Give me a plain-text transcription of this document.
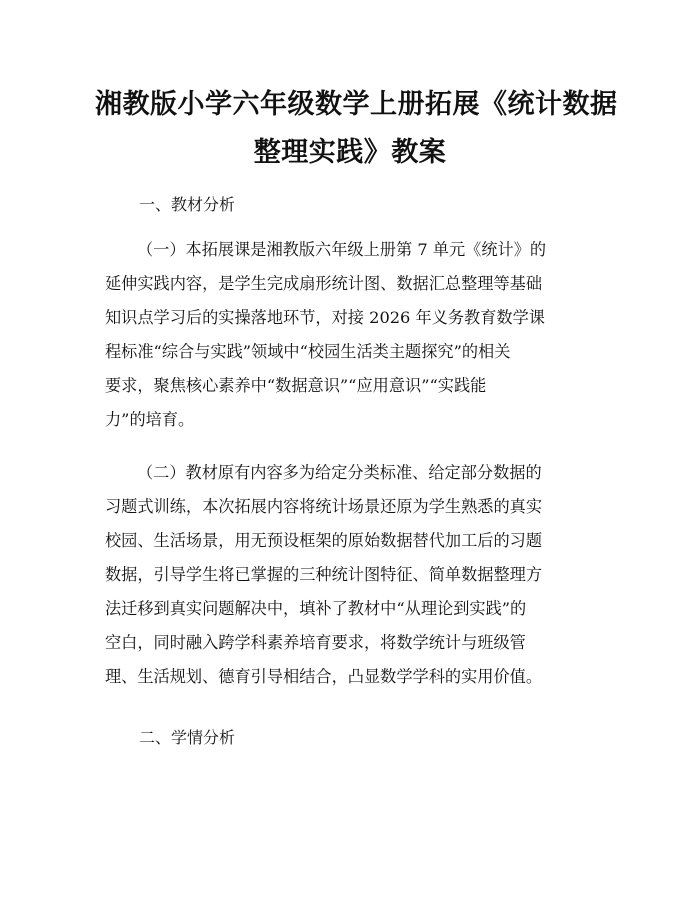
湘教版小学六年级数学上册拓展《统计数据
整理实践》教案
一、教材分析
（一）本拓展课是湘教版六年级上册第 7 单元《统计》的
延伸实践内容，是学生完成扇形统计图、数据汇总整理等基础
知识点学习后的实操落地环节，对接 2026 年义务教育数学课
程标准“综合与实践”领域中“校园生活类主题探究”的相关
要求，聚焦核心素养中“数据意识”“应用意识”“实践能
力”的培育。
（二）教材原有内容多为给定分类标准、给定部分数据的
习题式训练，本次拓展内容将统计场景还原为学生熟悉的真实
校园、生活场景，用无预设框架的原始数据替代加工后的习题
数据，引导学生将已掌握的三种统计图特征、简单数据整理方
法迁移到真实问题解决中，填补了教材中“从理论到实践”的
空白，同时融入跨学科素养培育要求，将数学统计与班级管
理、生活规划、德育引导相结合，凸显数学学科的实用价值。
二、学情分析
